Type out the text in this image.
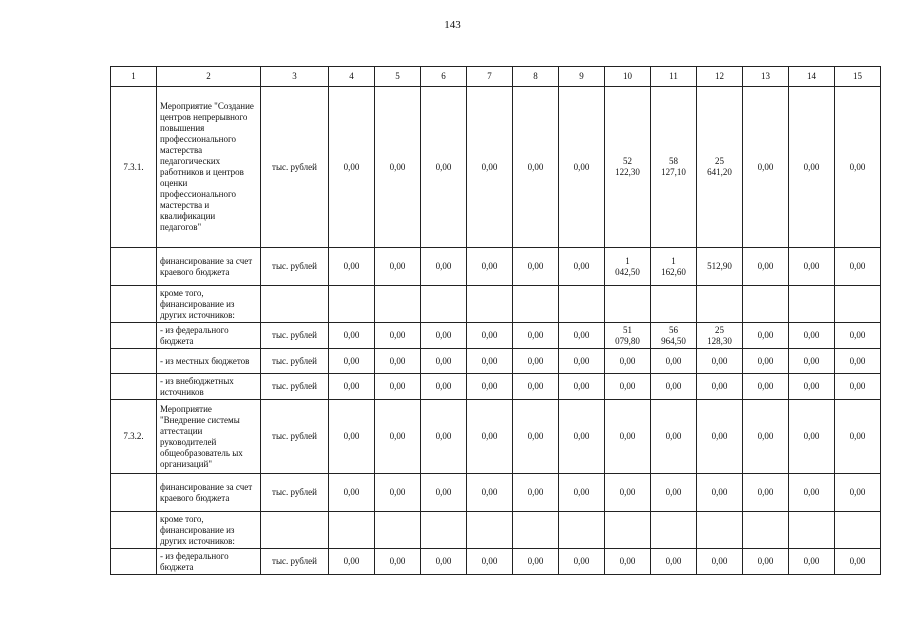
143
1	2	3	4	5	6	7	8	9	10	11	12	13	14	15
7.3.1.	Мероприятие "Создание центров непрерывного повышения профессионального мастерства педагогических работников и центров оценки профессионального мастерства и квалификации педагогов"	тыс. рублей	0,00	0,00	0,00	0,00	0,00	0,00	52
122,30	58
127,10	25
641,20	0,00	0,00	0,00
	финансирование за счет краевого бюджета	тыс. рублей	0,00	0,00	0,00	0,00	0,00	0,00	1
042,50	1
162,60	512,90	0,00	0,00	0,00
	кроме того, финансирование из других источников:													
	- из федерального бюджета	тыс. рублей	0,00	0,00	0,00	0,00	0,00	0,00	51
079,80	56
964,50	25
128,30	0,00	0,00	0,00
	- из местных бюджетов	тыс. рублей	0,00	0,00	0,00	0,00	0,00	0,00	0,00	0,00	0,00	0,00	0,00	0,00
	- из внебюджетных источников	тыс. рублей	0,00	0,00	0,00	0,00	0,00	0,00	0,00	0,00	0,00	0,00	0,00	0,00
7.3.2.	Мероприятие "Внедрение системы аттестации руководителей общеобразователь ых организаций"	тыс. рублей	0,00	0,00	0,00	0,00	0,00	0,00	0,00	0,00	0,00	0,00	0,00	0,00
	финансирование за счет краевого бюджета	тыс. рублей	0,00	0,00	0,00	0,00	0,00	0,00	0,00	0,00	0,00	0,00	0,00	0,00
	кроме того, финансирование из других источников:													
	- из федерального бюджета	тыс. рублей	0,00	0,00	0,00	0,00	0,00	0,00	0,00	0,00	0,00	0,00	0,00	0,00
